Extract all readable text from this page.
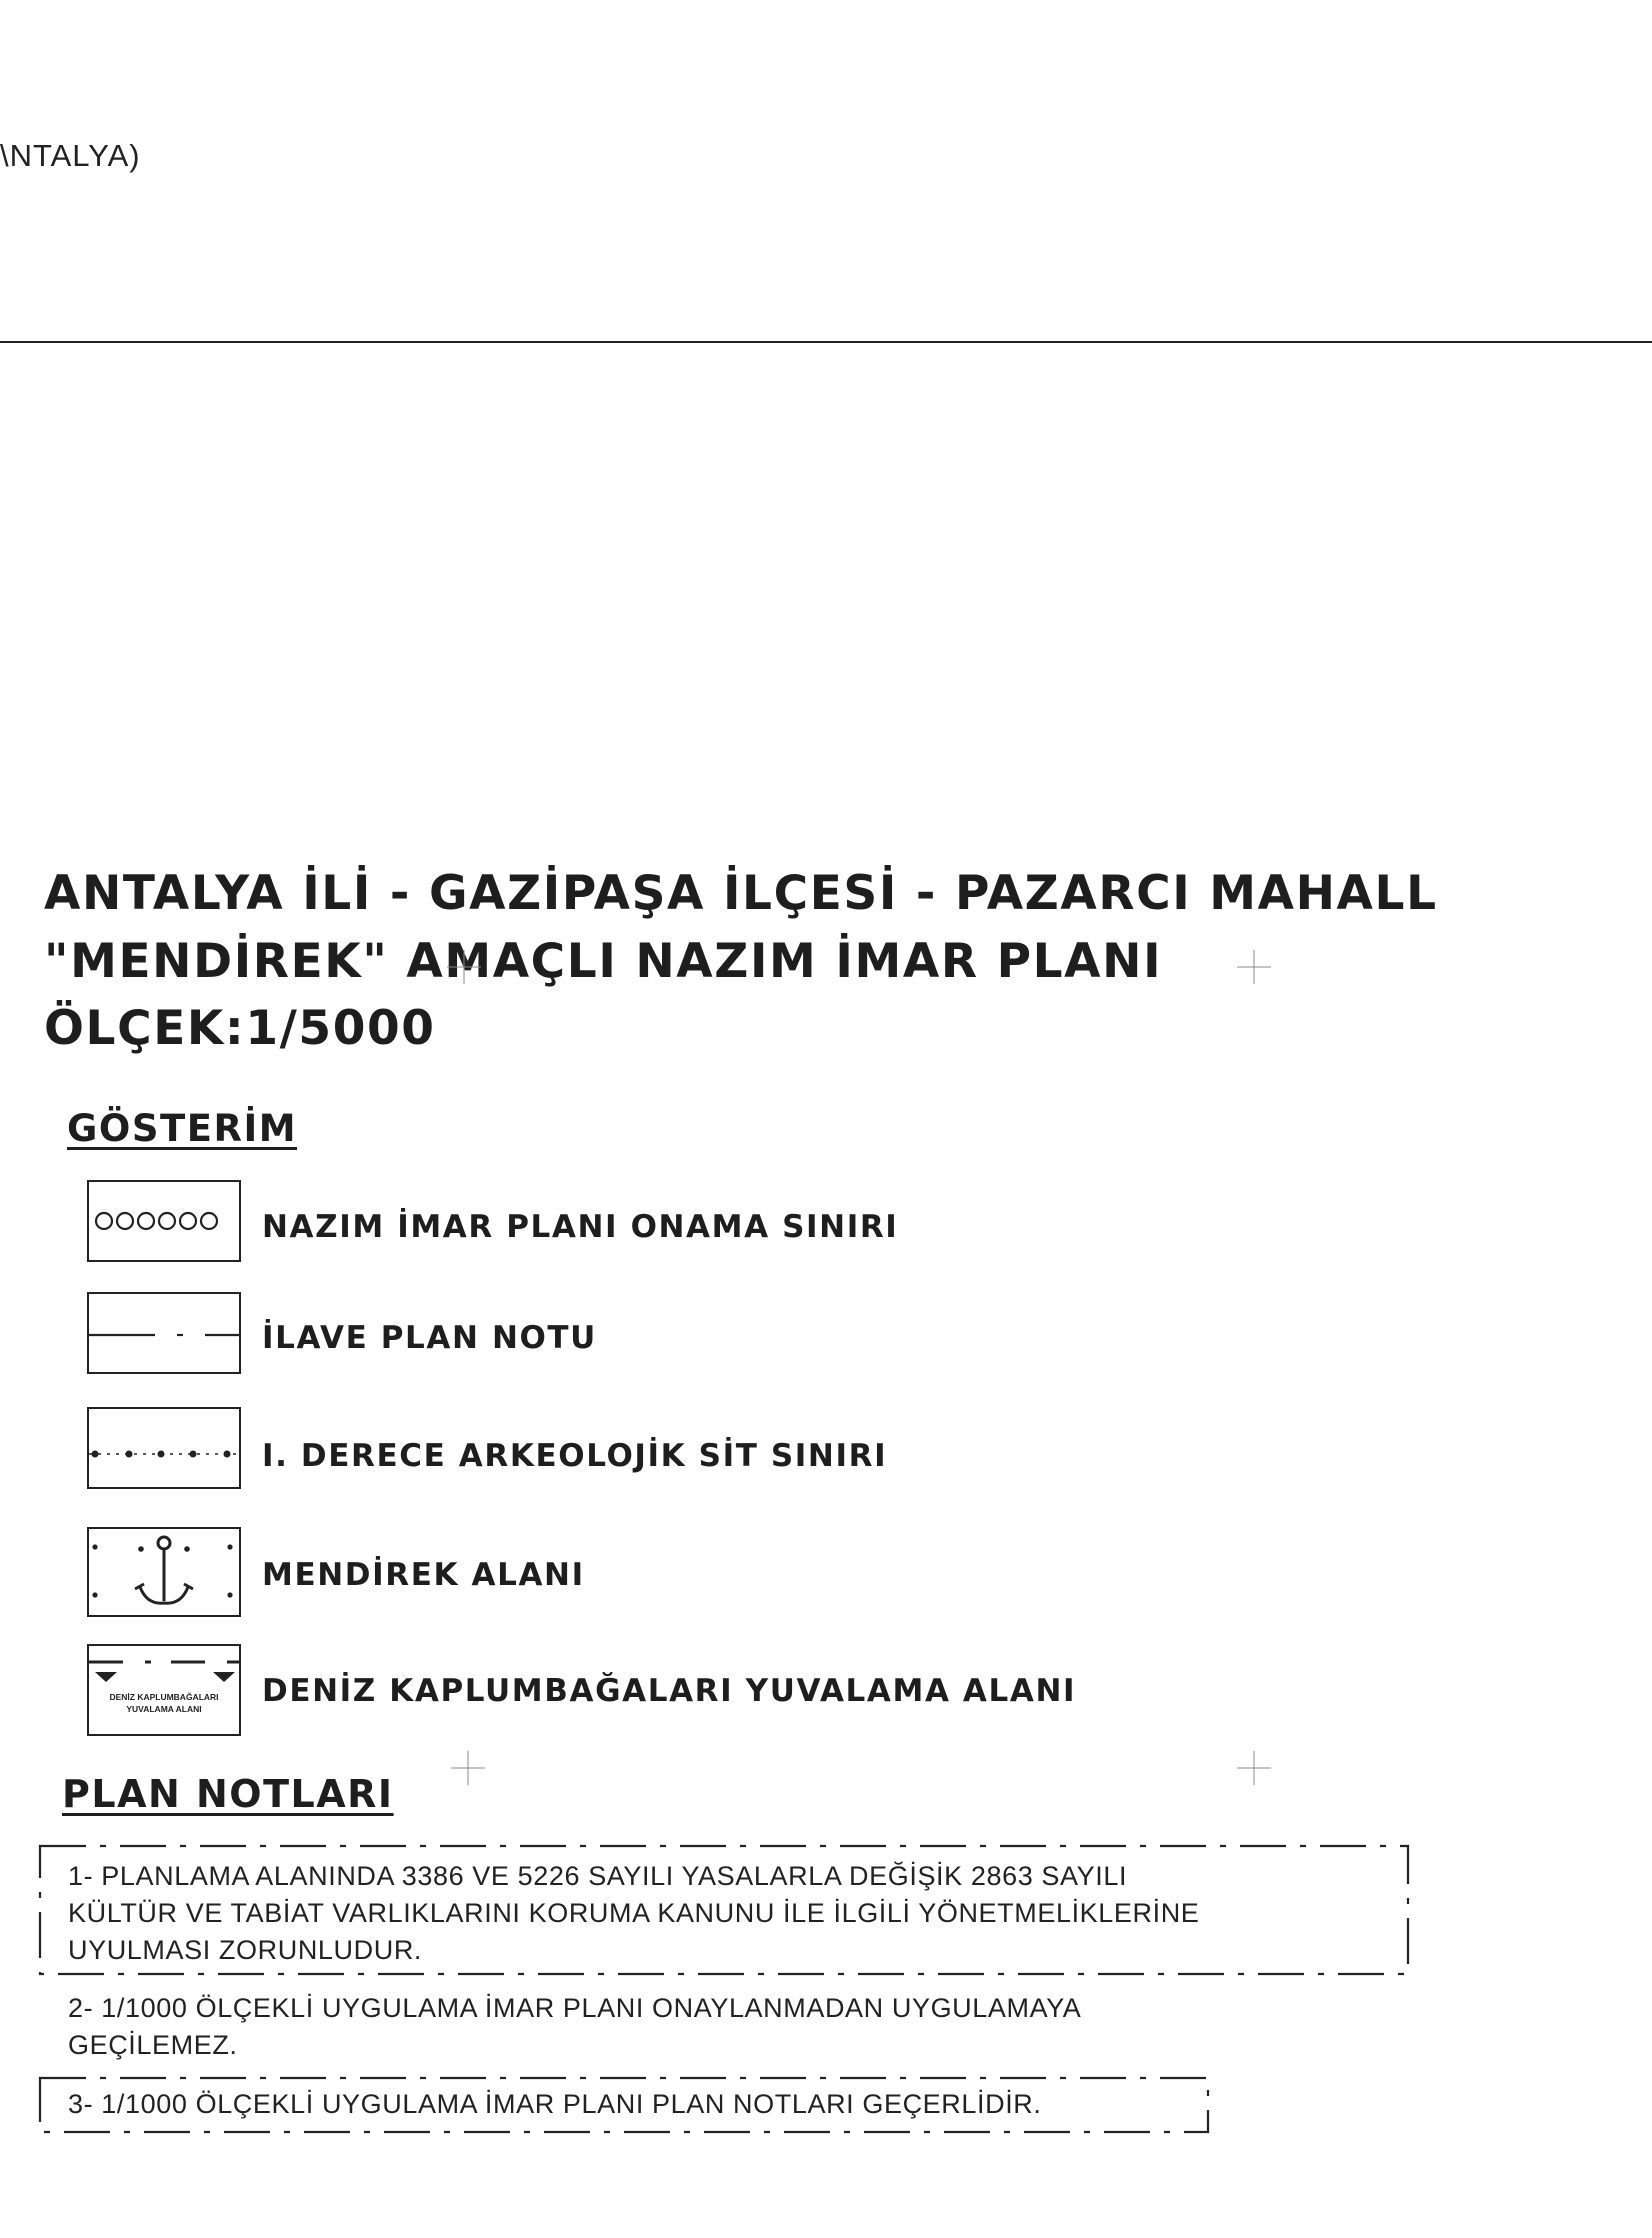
\NTALYA)
ANTALYA İLİ - GAZİPAŞA İLÇESİ - PAZARCI MAHALL
"MENDİREK" AMAÇLI NAZIM İMAR PLANI
ÖLÇEK:1/5000
GÖSTERİM
NAZIM İMAR PLANI ONAMA SINIRI
İLAVE PLAN NOTU
I. DERECE ARKEOLOJİK SİT SINIRI
MENDİREK ALANI
DENİZ KAPLUMBAĞALARI
YUVALAMA ALANI DENİZ KAPLUMBAĞALARI YUVALAMA ALANI
PLAN NOTLARI
1- PLANLAMA ALANINDA 3386 VE 5226 SAYILI YASALARLA DEĞİŞİK 2863 SAYILI
KÜLTÜR VE TABİAT VARLIKLARINI KORUMA KANUNU İLE İLGİLİ YÖNETMELİKLERİNE
UYULMASI ZORUNLUDUR.
2- 1/1000 ÖLÇEKLİ UYGULAMA İMAR PLANI ONAYLANMADAN UYGULAMAYA
GEÇİLEMEZ.
3- 1/1000 ÖLÇEKLİ UYGULAMA İMAR PLANI PLAN NOTLARI GEÇERLİDİR.
